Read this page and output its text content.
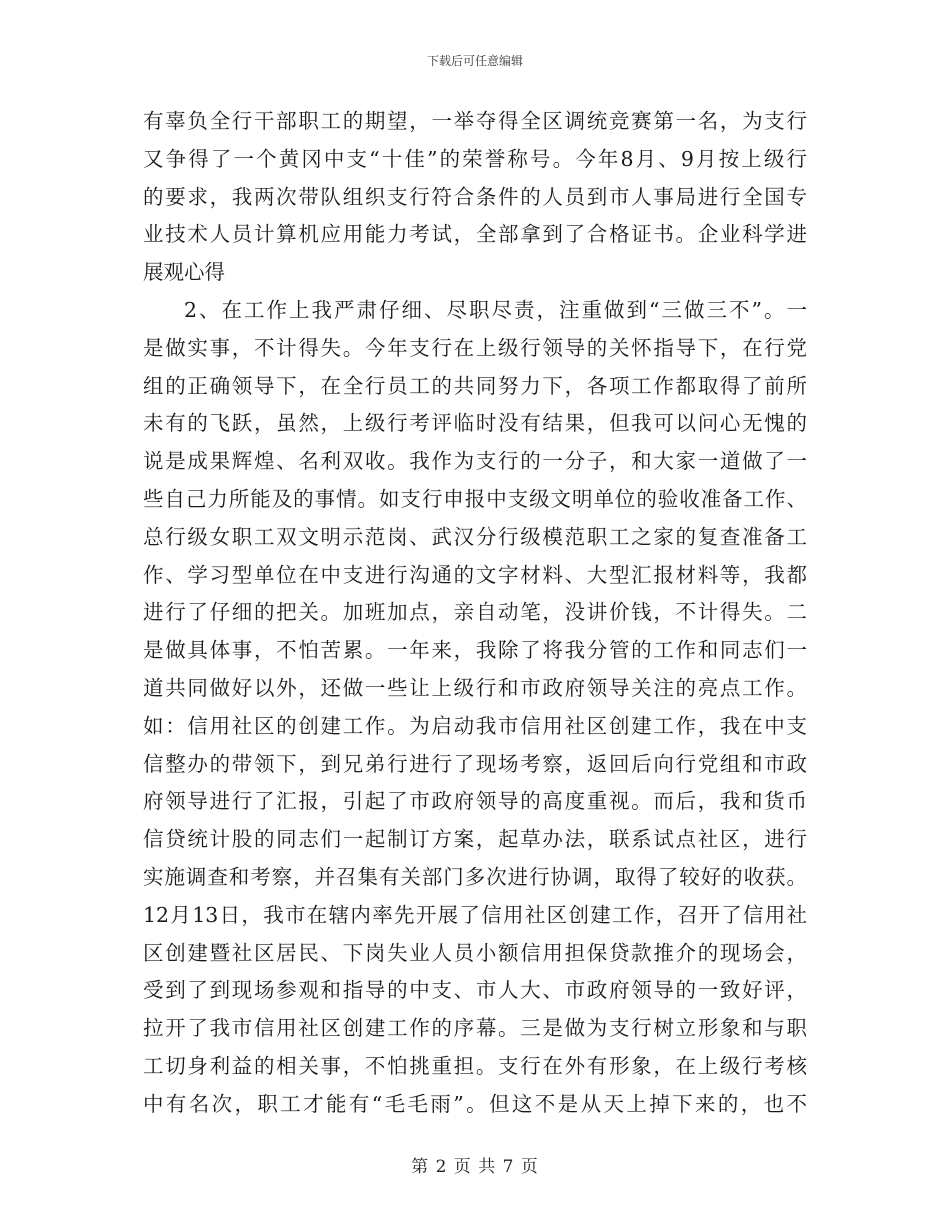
下载后可任意编辑
有辜负全行干部职工的期望，一举夺得全区调统竞赛第一名，为支行
又争得了一个黄冈中支“十佳”的荣誉称号。今年8月、9月按上级行
的要求，我两次带队组织支行符合条件的人员到市人事局进行全国专
业技术人员计算机应用能力考试，全部拿到了合格证书。企业科学进
展观心得
2、在工作上我严肃仔细、尽职尽责，注重做到“三做三不”。一
是做实事，不计得失。今年支行在上级行领导的关怀指导下，在行党
组的正确领导下，在全行员工的共同努力下，各项工作都取得了前所
未有的飞跃，虽然，上级行考评临时没有结果，但我可以问心无愧的
说是成果辉煌、名利双收。我作为支行的一分子，和大家一道做了一
些自己力所能及的事情。如支行申报中支级文明单位的验收准备工作、
总行级女职工双文明示范岗、武汉分行级模范职工之家的复查准备工
作、学习型单位在中支进行沟通的文字材料、大型汇报材料等，我都
进行了仔细的把关。加班加点，亲自动笔，没讲价钱，不计得失。二
是做具体事，不怕苦累。一年来，我除了将我分管的工作和同志们一
道共同做好以外，还做一些让上级行和市政府领导关注的亮点工作。
如：信用社区的创建工作。为启动我市信用社区创建工作，我在中支
信整办的带领下，到兄弟行进行了现场考察，返回后向行党组和市政
府领导进行了汇报，引起了市政府领导的高度重视。而后，我和货币
信贷统计股的同志们一起制订方案，起草办法，联系试点社区，进行
实施调查和考察，并召集有关部门多次进行协调，取得了较好的收获。
12月13日，我市在辖内率先开展了信用社区创建工作，召开了信用社
区创建暨社区居民、下岗失业人员小额信用担保贷款推介的现场会，
受到了到现场参观和指导的中支、市人大、市政府领导的一致好评，
拉开了我市信用社区创建工作的序幕。三是做为支行树立形象和与职
工切身利益的相关事，不怕挑重担。支行在外有形象，在上级行考核
中有名次，职工才能有“毛毛雨”。但这不是从天上掉下来的，也不
第 2 页 共 7 页
